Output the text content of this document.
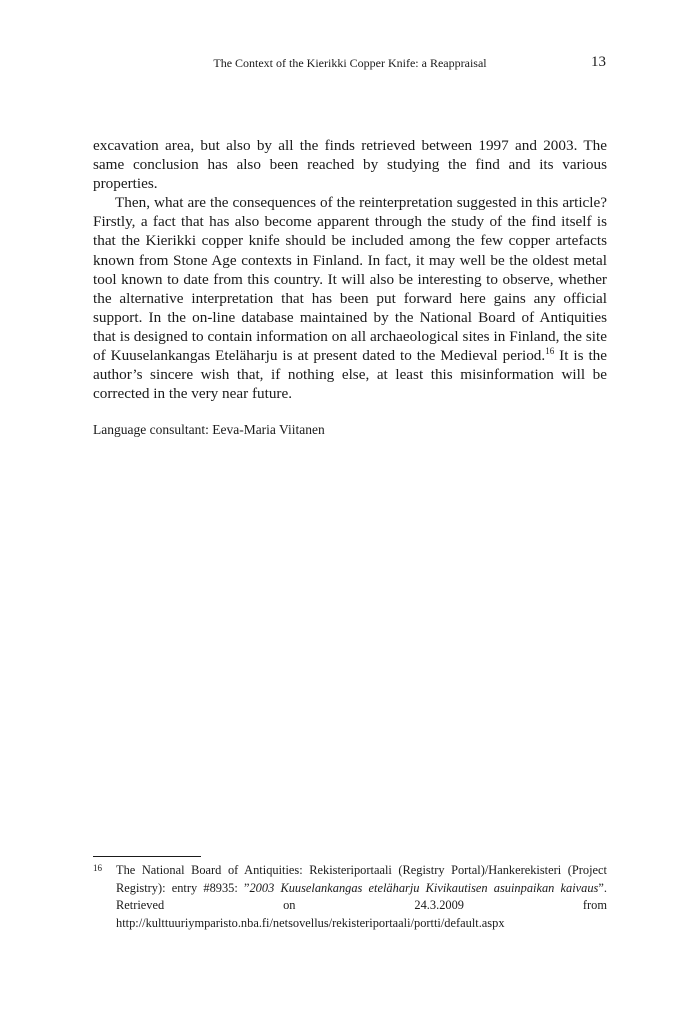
The Context of the Kierikki Copper Knife: a Reappraisal	13

excavation area, but also by all the finds retrieved between 1997 and 2003. The same conclusion has also been reached by studying the find and its various properties.

Then, what are the consequences of the reinterpretation suggested in this article? Firstly, a fact that has also become apparent through the study of the find itself is that the Kierikki copper knife should be included among the few copper artefacts known from Stone Age contexts in Finland. In fact, it may well be the oldest metal tool known to date from this country. It will also be interesting to observe, whether the alternative interpretation that has been put forward here gains any official support. In the on-line database maintained by the National Board of Antiquities that is designed to contain information on all archaeological sites in Finland, the site of Kuuselankangas Eteläharju is at present dated to the Medieval period.$^{16}$ It is the author’s sincere wish that, if nothing else, at least this misinformation will be corrected in the very near future.

Language consultant: Eeva-Maria Viitanen
16 The National Board of Antiquities: Rekisteriportaali (Registry Portal)/Hankerekisteri (Project Registry): entry #8935: ”2003 Kuuselankangas eteläharju Kivikautisen asuinpaikan kaivaus”. Retrieved on 24.3.2009 from http://kulttuuriymparisto.nba.fi/netsovellus/rekisteriportaali/portti/default.aspx
